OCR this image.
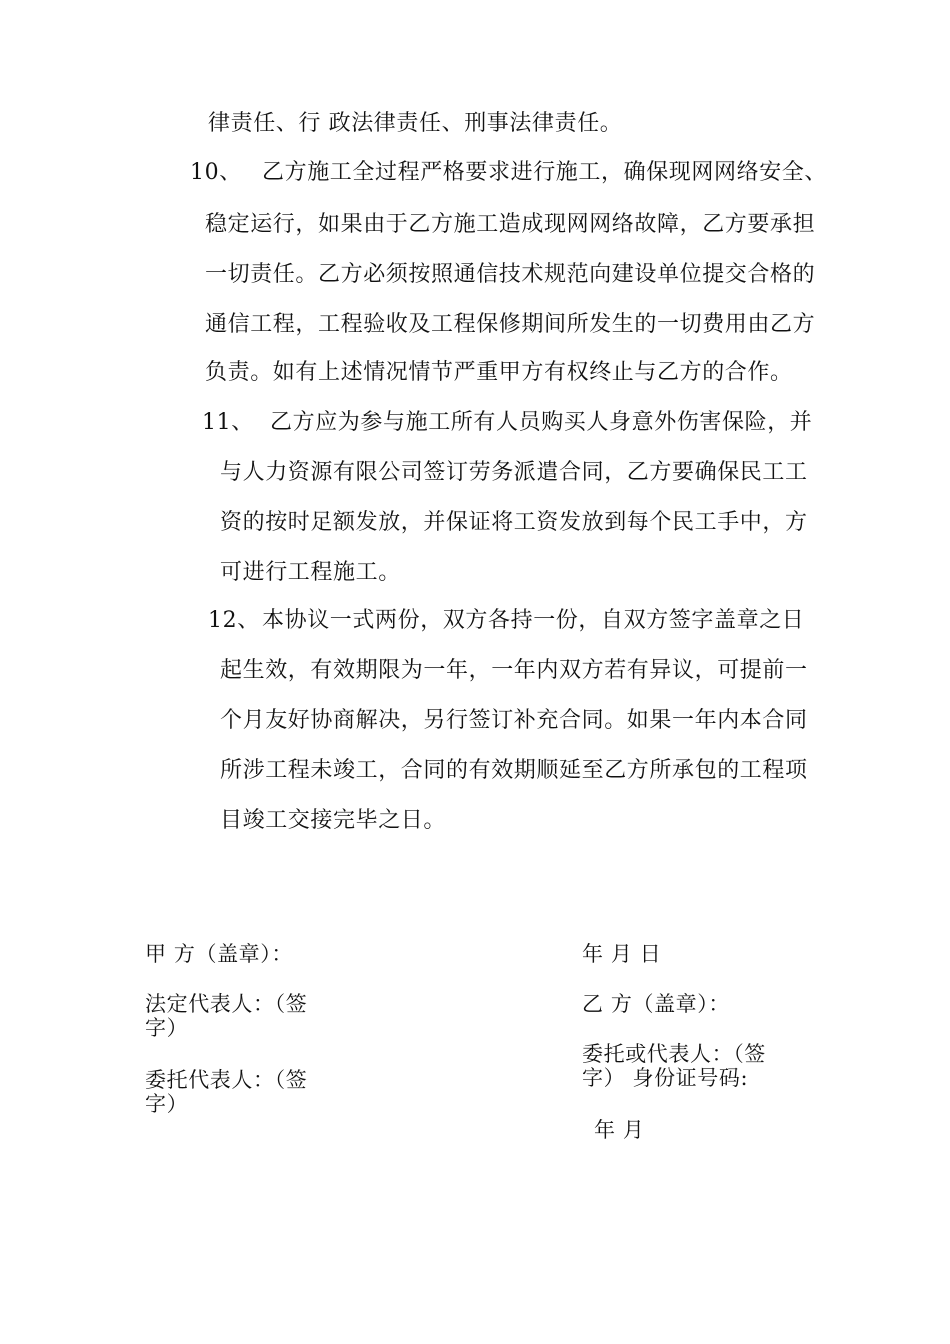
律责任、行 政法律责任、刑事法律责任。
10、 乙方施工全过程严格要求进行施工，确保现网网络安全、
稳定运行，如果由于乙方施工造成现网网络故障，乙方要承担
一切责任。乙方必须按照通信技术规范向建设单位提交合格的
通信工程，工程验收及工程保修期间所发生的一切费用由乙方
负责。如有上述情况情节严重甲方有权终止与乙方的合作。
11、 乙方应为参与施工所有人员购买人身意外伤害保险，并
与人力资源有限公司签订劳务派遣合同，乙方要确保民工工
资的按时足额发放，并保证将工资发放到每个民工手中，方
可进行工程施工。
12、 本协议一式两份，双方各持一份，自双方签字盖章之日
起生效，有效期限为一年，一年内双方若有异议，可提前一
个月友好协商解决，另行签订补充合同。如果一年内本合同
所涉工程未竣工，合同的有效期顺延至乙方所承包的工程项
目竣工交接完毕之日。
甲 方（盖章）：
法定代表人：（签
字）
委托代表人：（签
字）
年 月 日
乙 方（盖章）：
委托或代表人：（签
字） 身份证号码:
年 月
